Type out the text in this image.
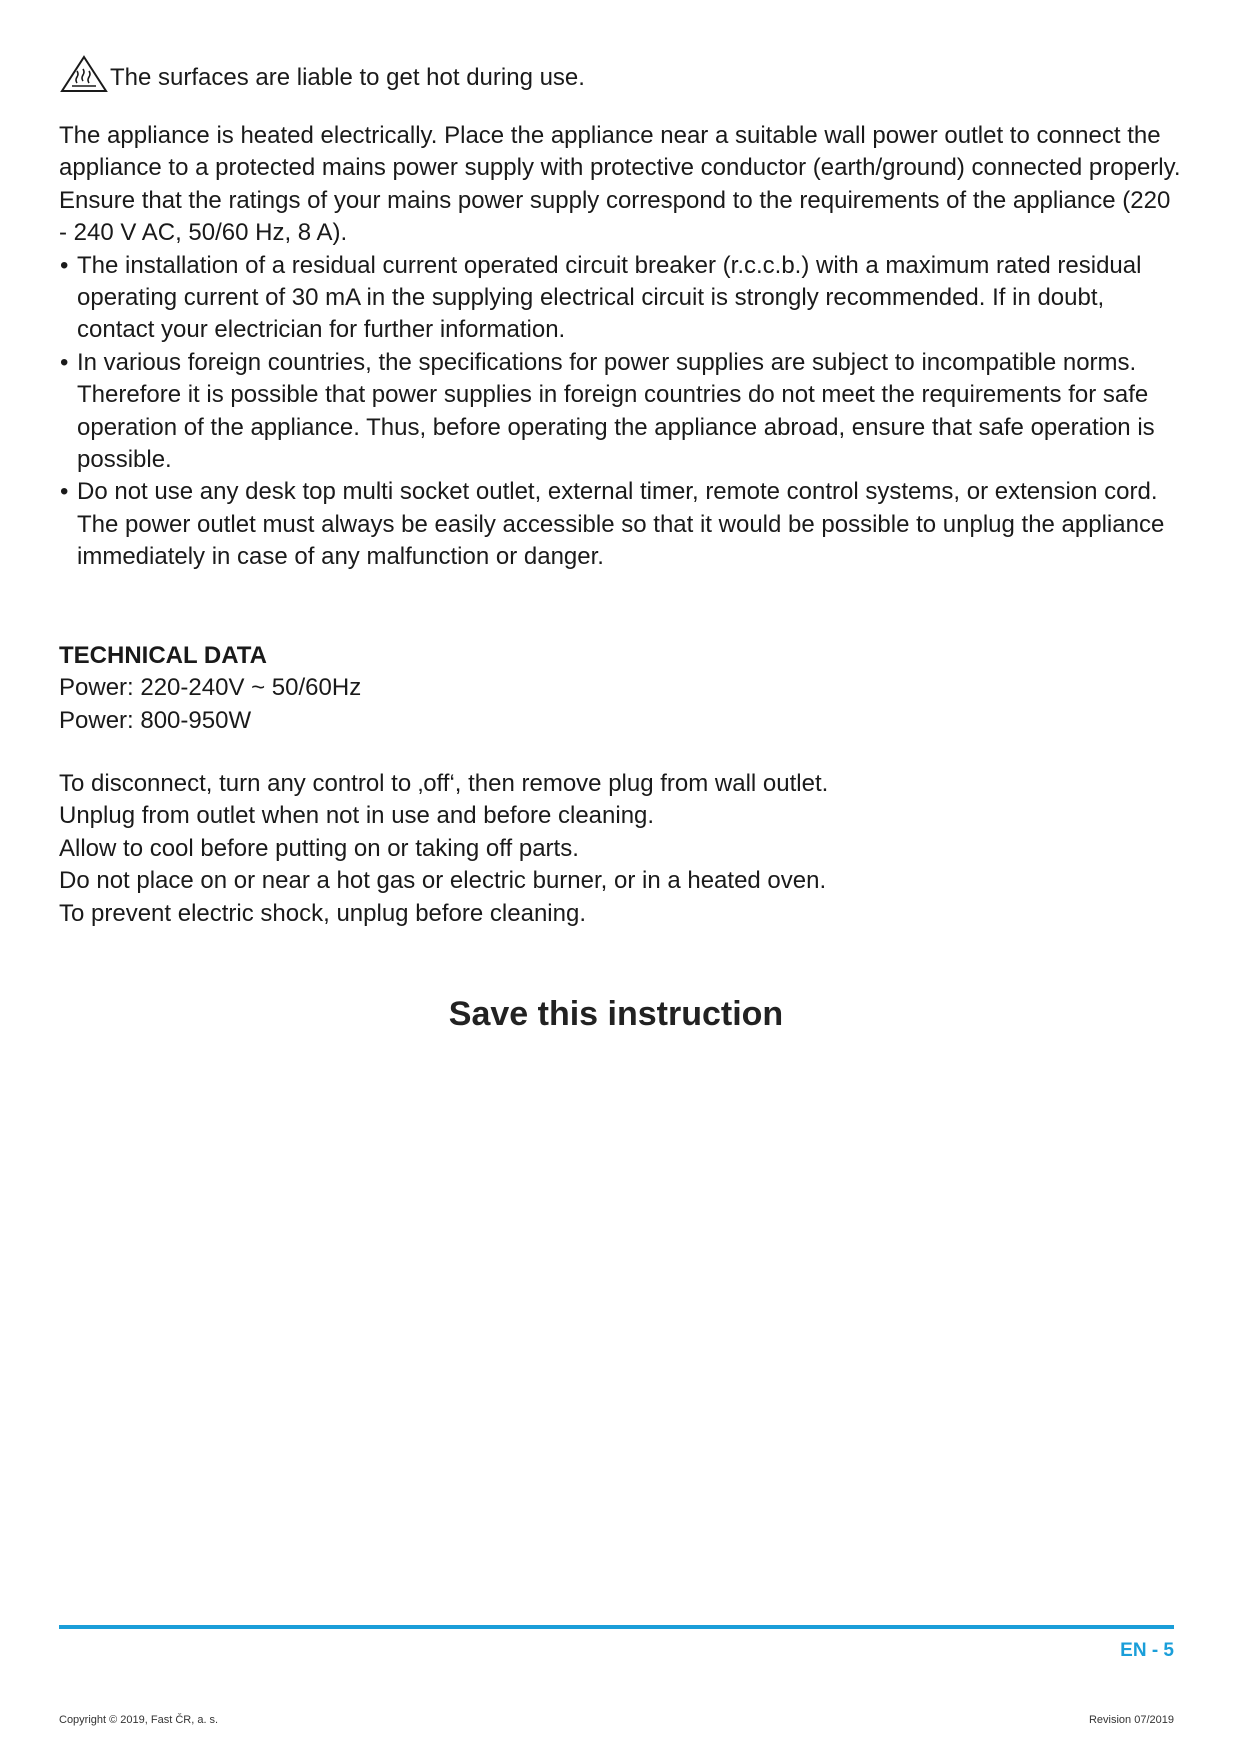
The surfaces are liable to get hot during use.

The appliance is heated electrically. Place the appliance near a suitable wall power outlet to connect the appliance to a protected mains power supply with protective conductor (earth/ground) connected properly.

Ensure that the ratings of your mains power supply correspond to the requirements of the appliance (220 - 240 V AC, 50/60 Hz, 8 A).

• The installation of a residual current operated circuit breaker (r.c.c.b.) with a maximum rated residual operating current of 30 mA in the supplying electrical circuit is strongly recommended. If in doubt, contact your electrician for further information.
• In various foreign countries, the specifications for power supplies are subject to incompatible norms. Therefore it is possible that power supplies in foreign countries do not meet the requirements for safe operation of the appliance. Thus, before operating the appliance abroad, ensure that safe operation is possible.
• Do not use any desk top multi socket outlet, external timer, remote control systems, or extension cord. The power outlet must always be easily accessible so that it would be possible to unplug the appliance immediately in case of any malfunction or danger.
TECHNICAL DATA
Power: 220-240V ~ 50/60Hz
Power: 800-950W
To disconnect, turn any control to ‚off‘, then remove plug from wall outlet.
Unplug from outlet when not in use and before cleaning.
Allow to cool before putting on or taking off parts.
Do not place on or near a hot gas or electric burner, or in a heated oven.
To prevent electric shock, unplug before cleaning.
Save this instruction
EN - 5
Copyright © 2019, Fast ČR, a. s.	Revision 07/2019
